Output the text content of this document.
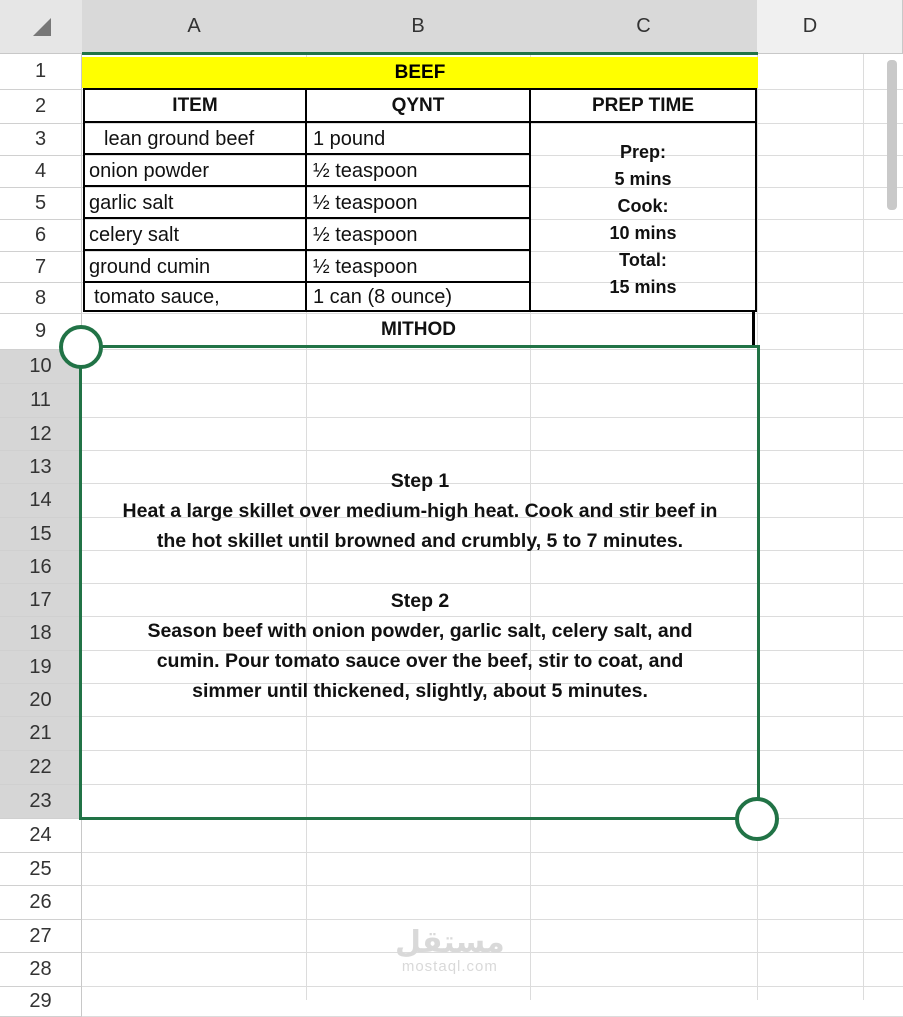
A	B	C	D
1
2
3
4
5
6
7
8
9
10
11
12
13
14
15
16
17
18
19
20
21
22
23
24
25
26
27
28
29
BEEF
ITEM	QYNT	PREP TIME
lean ground beef	1 pound
onion powder	½ teaspoon
garlic salt	½ teaspoon
celery salt	½ teaspoon
ground cumin	½ teaspoon
tomato sauce,	1 can (8 ounce)
Prep:
5 mins
Cook:
10 mins
Total:
15 mins
MITHOD
Step 1
Heat a large skillet over medium-high heat. Cook and stir beef in
the hot skillet until browned and crumbly, 5 to 7 minutes.
Step 2
Season beef with onion powder, garlic salt, celery salt, and
cumin. Pour tomato sauce over the beef, stir to coat, and
simmer until thickened, slightly, about 5 minutes.
مستقل
mostaql.com
